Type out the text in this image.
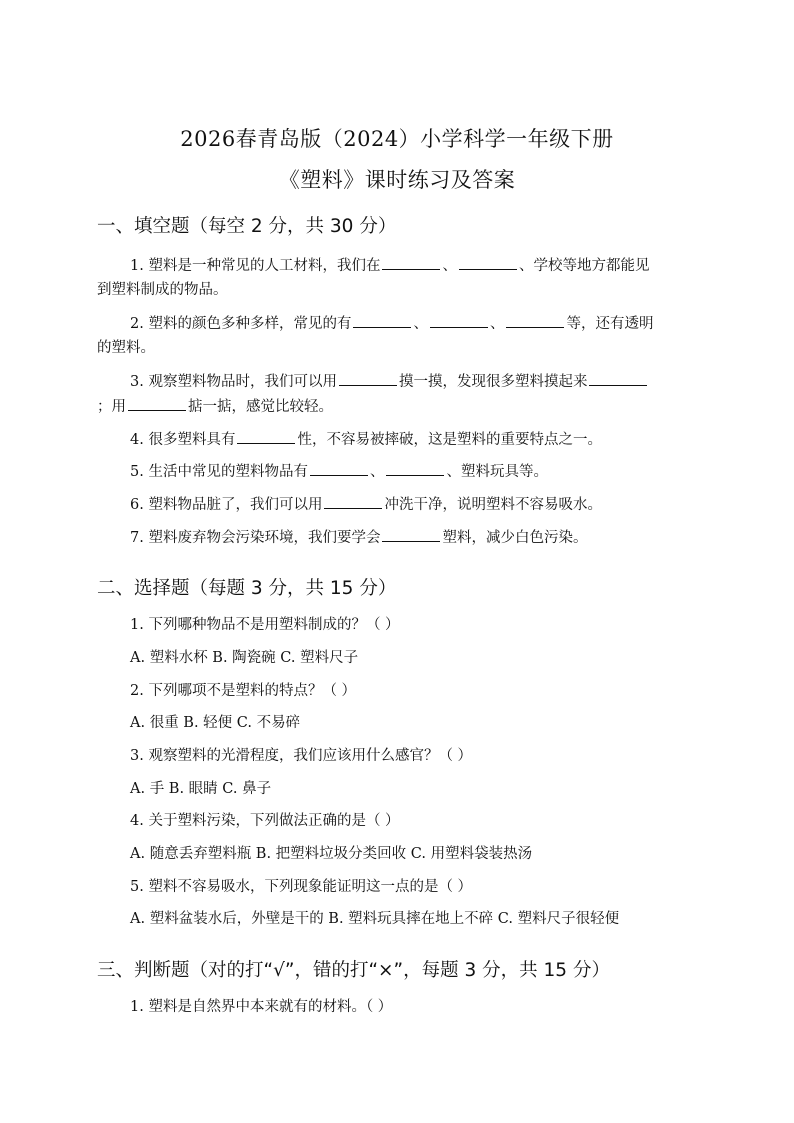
2026春青岛版（2024）小学科学一年级下册
《塑料》课时练习及答案
一、填空题（每空 2 分，共 30 分）
1. 塑料是一种常见的人工材料，我们在	、	、学校等地方都能见
到塑料制成的物品。
2. 塑料的颜色多种多样，常见的有	、	、	等，还有透明
的塑料。
3. 观察塑料物品时，我们可以用	摸一摸，发现很多塑料摸起来
；用	掂一掂，感觉比较轻。
4. 很多塑料具有	性，不容易被摔破，这是塑料的重要特点之一。
5. 生活中常见的塑料物品有	、	、塑料玩具等。
6. 塑料物品脏了，我们可以用	冲洗干净，说明塑料不容易吸水。
7. 塑料废弃物会污染环境，我们要学会	塑料，减少白色污染。
二、选择题（每题 3 分，共 15 分）
1. 下列哪种物品不是用塑料制成的？（ ）
A. 塑料水杯 B. 陶瓷碗 C. 塑料尺子
2. 下列哪项不是塑料的特点？（ ）
A. 很重 B. 轻便 C. 不易碎
3. 观察塑料的光滑程度，我们应该用什么感官？（ ）
A. 手 B. 眼睛 C. 鼻子
4. 关于塑料污染，下列做法正确的是（ ）
A. 随意丢弃塑料瓶 B. 把塑料垃圾分类回收 C. 用塑料袋装热汤
5. 塑料不容易吸水，下列现象能证明这一点的是（ ）
A. 塑料盆装水后，外壁是干的 B. 塑料玩具摔在地上不碎 C. 塑料尺子很轻便
三、判断题（对的打“√”，错的打“×”，每题 3 分，共 15 分）
1. 塑料是自然界中本来就有的材料。（ ）
